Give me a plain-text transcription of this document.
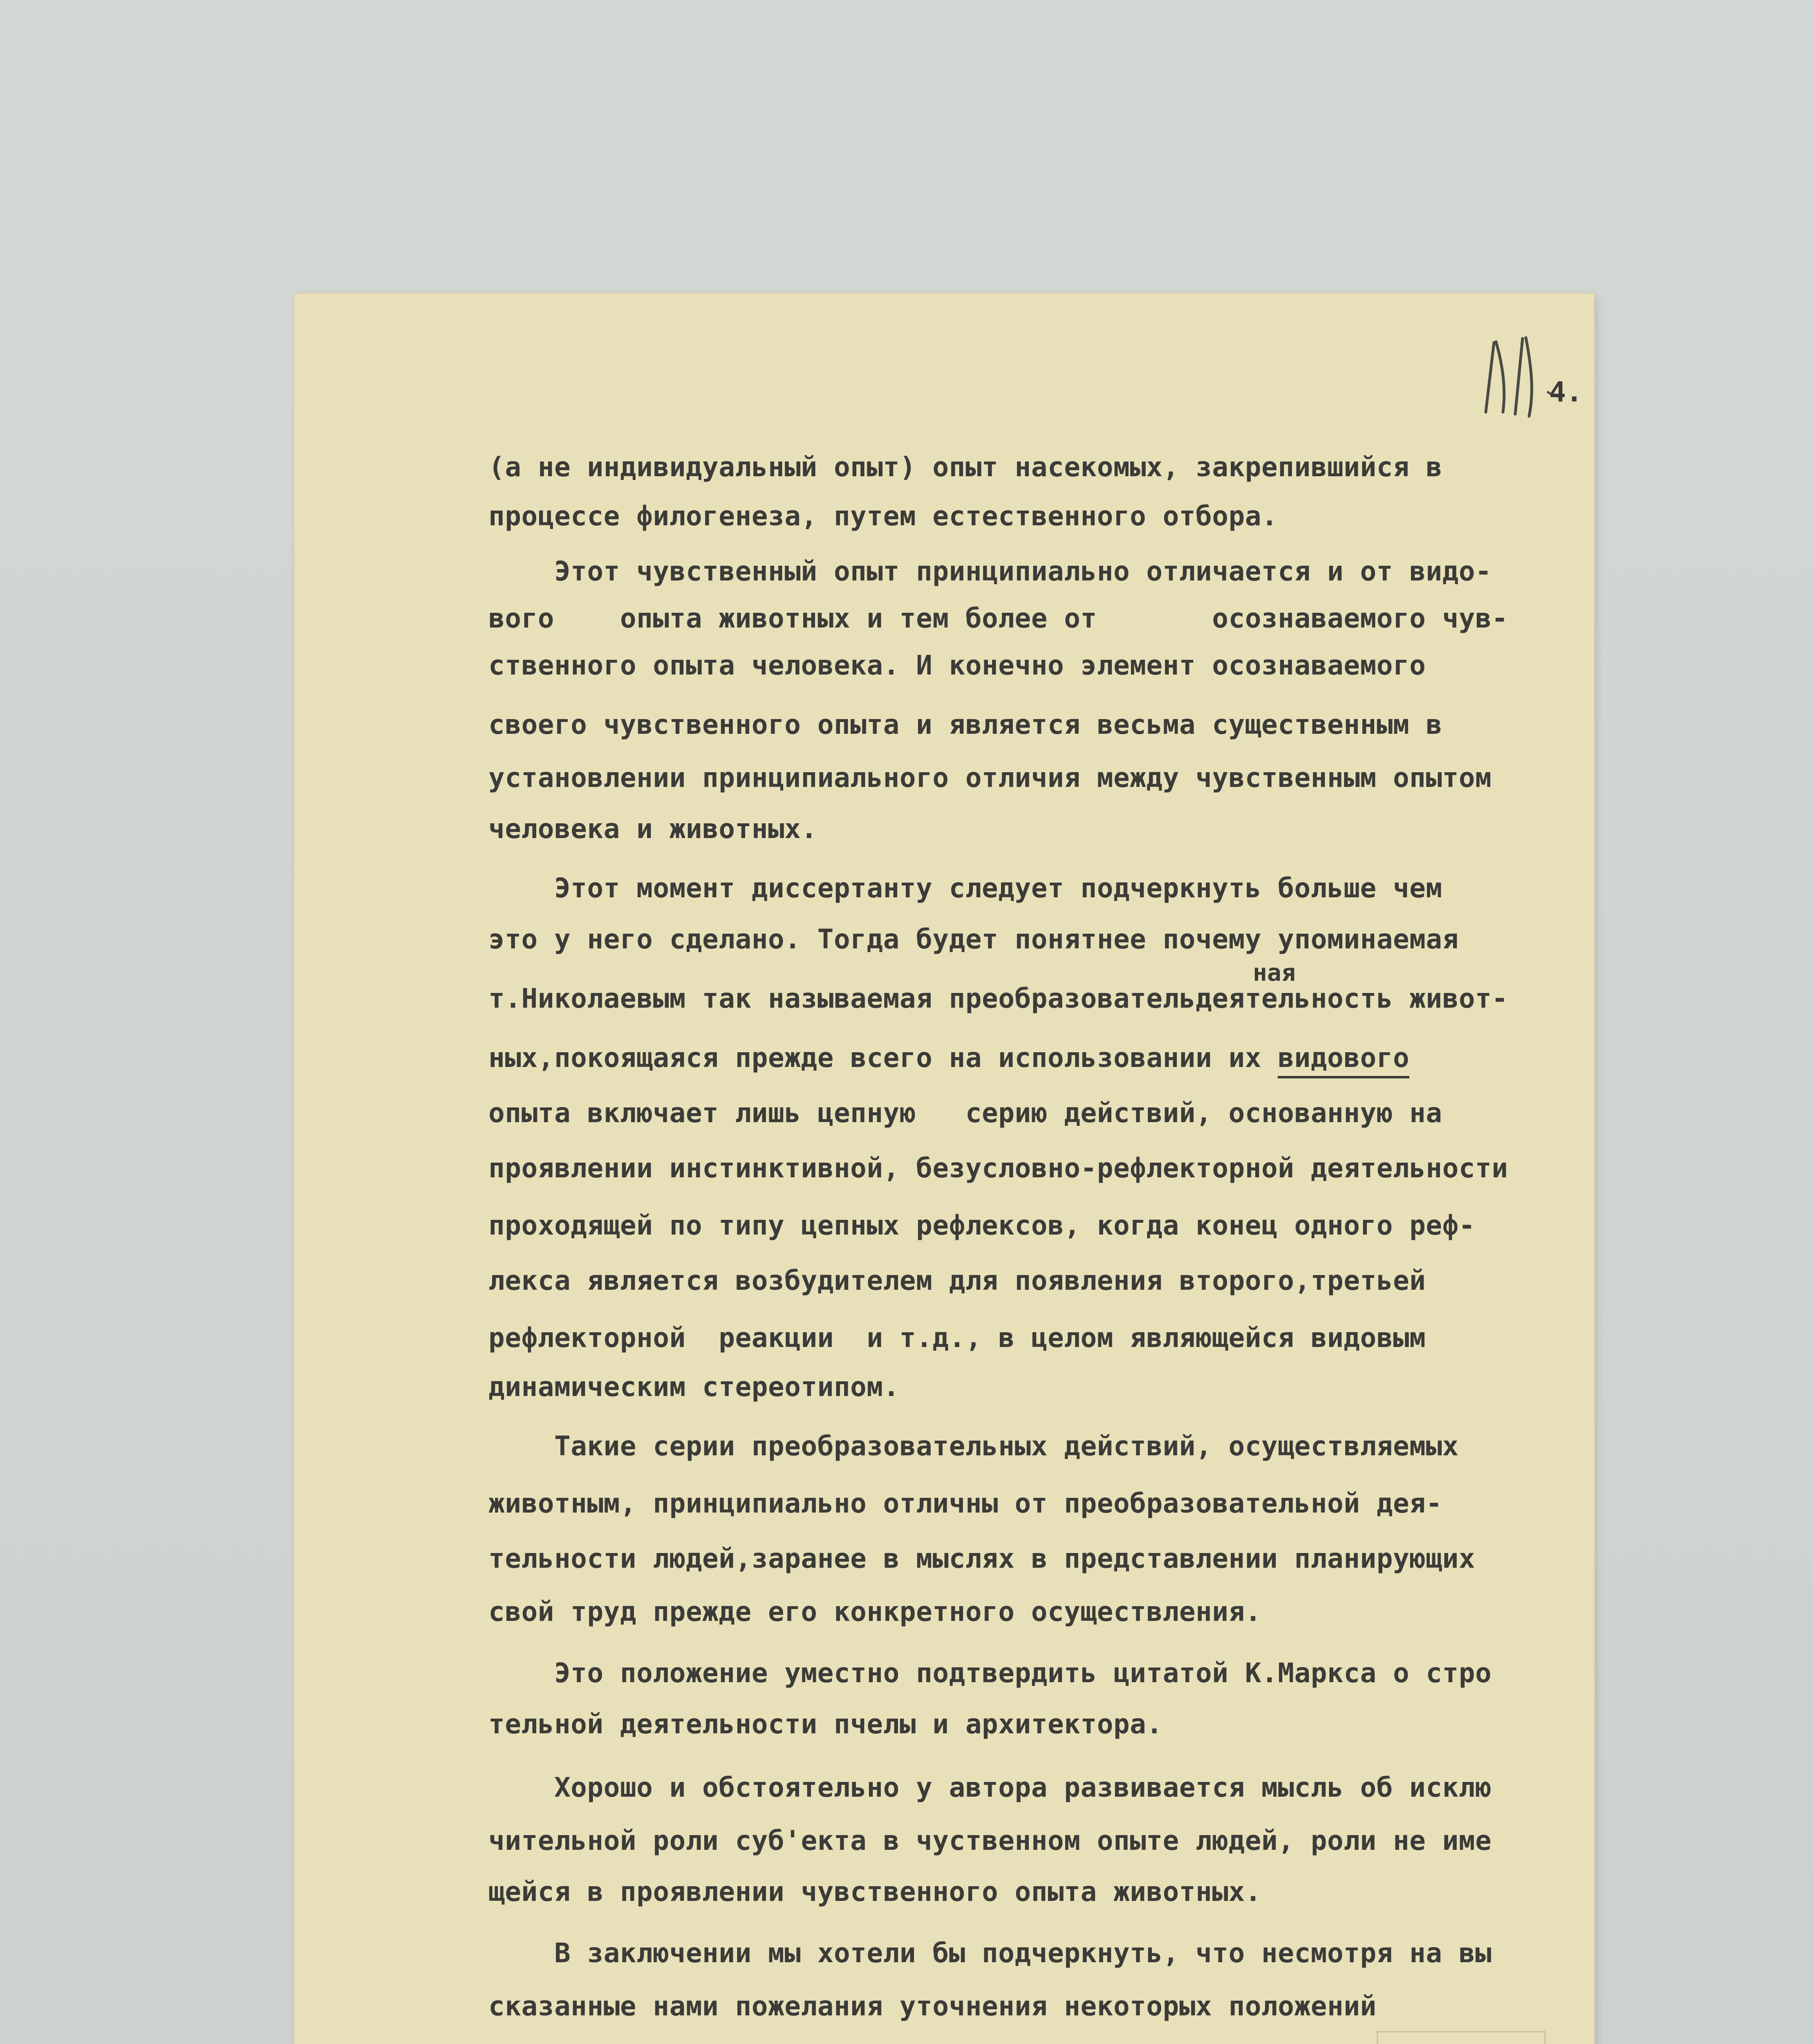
4.
(а не индивидуальный опыт) опыт насекомых, закрепившийся в
процессе филогенеза, путем естественного отбора.
Этот чувственный опыт принципиально отличается и от видо-
вого    опыта животных и тем более от       осознаваемого чув-
ственного опыта человека. И конечно элемент осознаваемого
своего чувственного опыта и является весьма существенным в
установлении принципиального отличия между чувственным опытом
человека и животных.
Этот момент диссертанту следует подчеркнуть больше чем
это у него сделано. Тогда будет понятнее почему упоминаемая
ная
т.Николаевым так называемая преобразовательдеятельность живот-
ных,покоящаяся прежде всего на использовании их видового
опыта включает лишь цепную   серию действий, основанную на
проявлении инстинктивной, безусловно-рефлекторной деятельности
проходящей по типу цепных рефлексов, когда конец одного реф-
лекса является возбудителем для появления второго,третьей
рефлекторной  реакции  и т.д., в целом являющейся видовым
динамическим стереотипом.
Такие серии преобразовательных действий, осуществляемых
животным, принципиально отличны от преобразовательной дея-
тельности людей,заранее в мыслях в представлении планирующих
свой труд прежде его конкретного осуществления.
Это положение уместно подтвердить цитатой К.Маркса о стро
тельной деятельности пчелы и архитектора.
Хорошо и обстоятельно у автора развивается мысль об исклю
чительной роли суб'екта в чуственном опыте людей, роли не име
щейся в проявлении чувственного опыта животных.
В заключении мы хотели бы подчеркнуть, что несмотря на вы
сказанные нами пожелания уточнения некоторых положений
